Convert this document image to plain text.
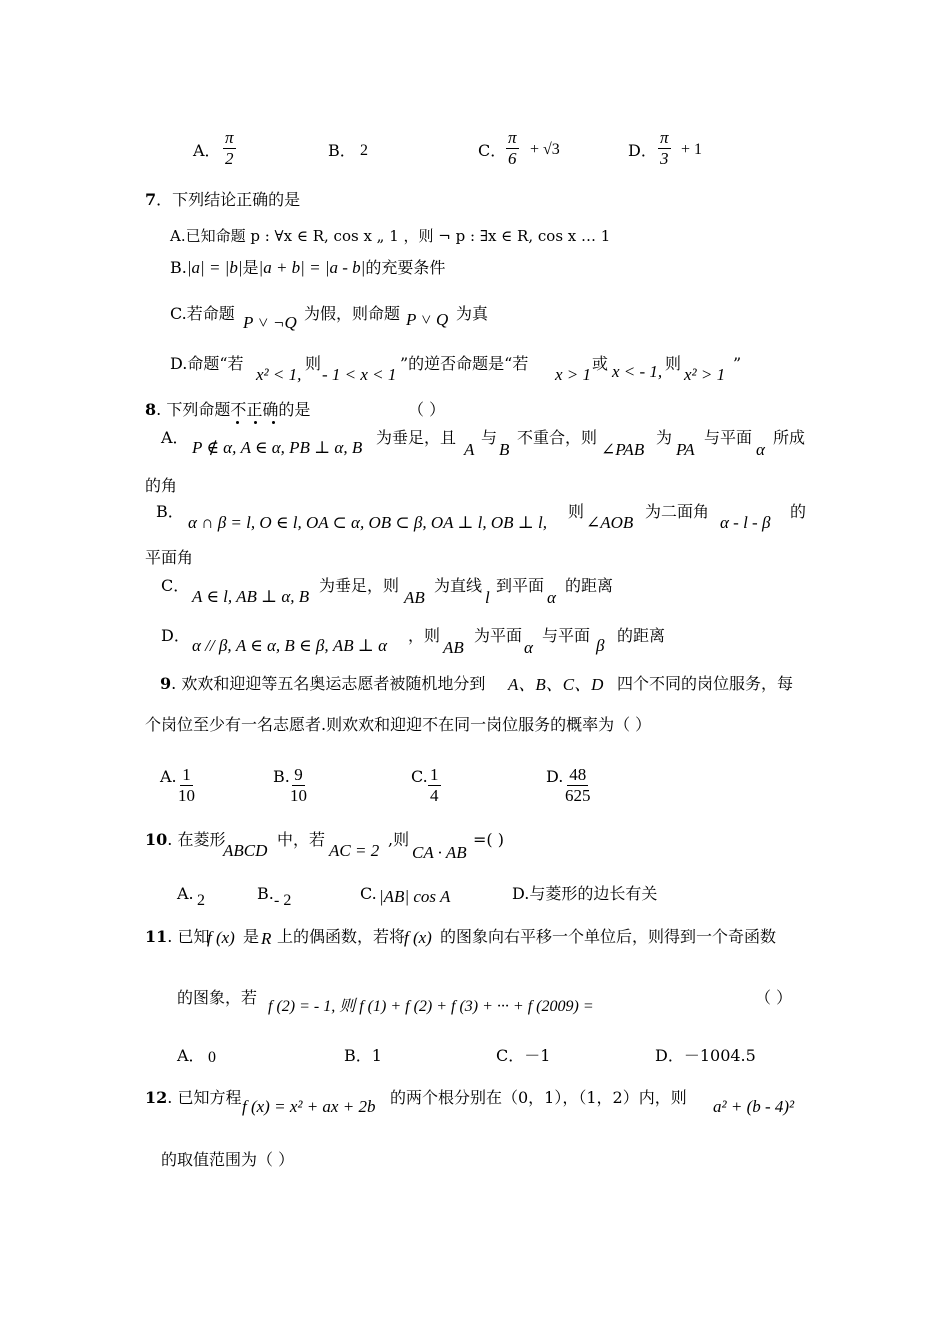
A． $\frac{\pi}{2}$	B． 2	C． $\frac{\pi}{6} + √3$	D． $\frac{\pi}{3} + 1$
7．下列结论正确的是
A.已知命题 p : ∀x ∈ R, cos x „ 1 ，则 ¬ p : ∃x ∈ R, cos x … 1
B.|a| = |b|是|a + b| = |a - b|的充要条件
C.若命题 P ˅ ¬Q 为假，则命题 P ˅ Q 为真
D.命题“若
x² < 1,
则
- 1 < x < 1
”的逆否命题是“若
x > 1
或 x < - 1, 则
x² > 1
”
8. 下列命题不正确的是	（ ）
A．
P ∉ α, A ∈ α, PB ⊥ α, B
为垂足，且
A
与
B
不重合，则
∠PAB
为
PA
与平面
α
所成
的角
B．
α ∩ β = l, O ∈ l, OA ⊂ α, OB ⊂ β, OA ⊥ l, OB ⊥ l,
则
∠AOB
为二面角
α - l - β
的
平面角
C．
A ∈ l, AB ⊥ α, B
为垂足，则
AB
为直线
l
到平面
α
的距离
D．
α // β, A ∈ α, B ∈ β, AB ⊥ α
，则
AB
为平面
α
与平面
β
的距离
9. 欢欢和迎迎等五名奥运志愿者被随机地分到 A、B、C、D 四个不同的岗位服务，每
个岗位至少有一名志愿者.则欢欢和迎迎不在同一岗位服务的概率为（ ）
A. $\frac{1}{10}$	B. $\frac{9}{10}$	C. $\frac{1}{4}$	D. $\frac{48}{625}$
10. 在菱形
ABCD
中，若
AC = 2
,则
CA · AB
=( )
A. 2	B. - 2	C. |AB| cos A	D.与菱形的边长有关
11. 已知
f (x) 是 R 上的偶函数，若将
f (x) 的图象向右平移一个单位后，则得到一个奇函数
的图象，若 f (2) = - 1, 则 f (1) + f (2) + f (3) + ··· + f (2009) =	（ ）
A． 0	B．1	C．－1	D．－1004.5
12. 已知方程 f (x) = x² + ax + 2b 的两个根分别在（0，1），（1，2）内，则 a² + (b - 4)²
的取值范围为（ ）
